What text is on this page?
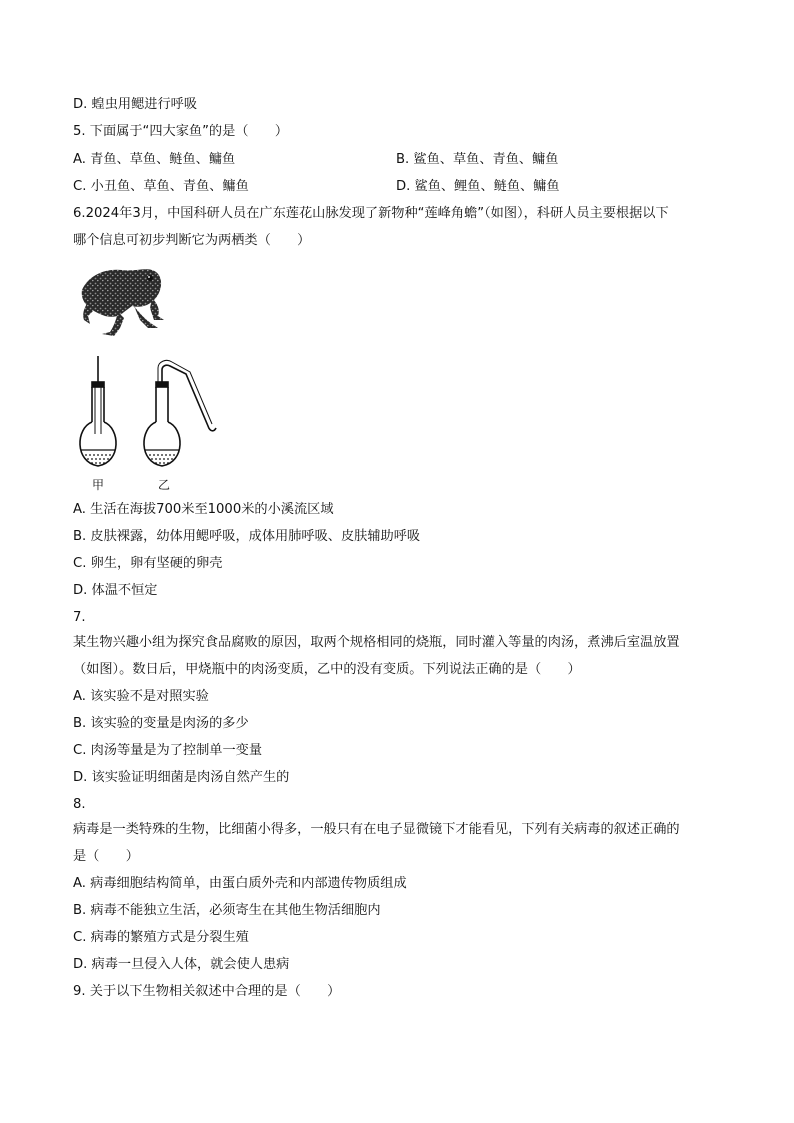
D. 蝗虫用鳃进行呼吸
5. 下面属于“四大家鱼”的是（　　）
A. 青鱼、草鱼、鲢鱼、鳙鱼	B. 鲨鱼、草鱼、青鱼、鳙鱼
C. 小丑鱼、草鱼、青鱼、鳙鱼	D. 鲨鱼、鲤鱼、鲢鱼、鳙鱼
6.2024年3月，中国科研人员在广东莲花山脉发现了新物种“莲峰角蟾”（如图），科研人员主要根据以下
哪个信息可初步判断它为两栖类（　　）
甲	乙
A. 生活在海拔700米至1000米的小溪流区域
B. 皮肤裸露，幼体用鳃呼吸，成体用肺呼吸、皮肤辅助呼吸
C. 卵生，卵有坚硬的卵壳
D. 体温不恒定
7.
某生物兴趣小组为探究食品腐败的原因，取两个规格相同的烧瓶，同时灌入等量的肉汤，煮沸后室温放置
（如图）。数日后，甲烧瓶中的肉汤变质，乙中的没有变质。下列说法正确的是（　　）
A. 该实验不是对照实验
B. 该实验的变量是肉汤的多少
C. 肉汤等量是为了控制单一变量
D. 该实验证明细菌是肉汤自然产生的
8.
病毒是一类特殊的生物，比细菌小得多，一般只有在电子显微镜下才能看见，下列有关病毒的叙述正确的
是（　　）
A. 病毒细胞结构简单，由蛋白质外壳和内部遗传物质组成
B. 病毒不能独立生活，必须寄生在其他生物活细胞内
C. 病毒的繁殖方式是分裂生殖
D. 病毒一旦侵入人体，就会使人患病
9. 关于以下生物相关叙述中合理的是（　　）
